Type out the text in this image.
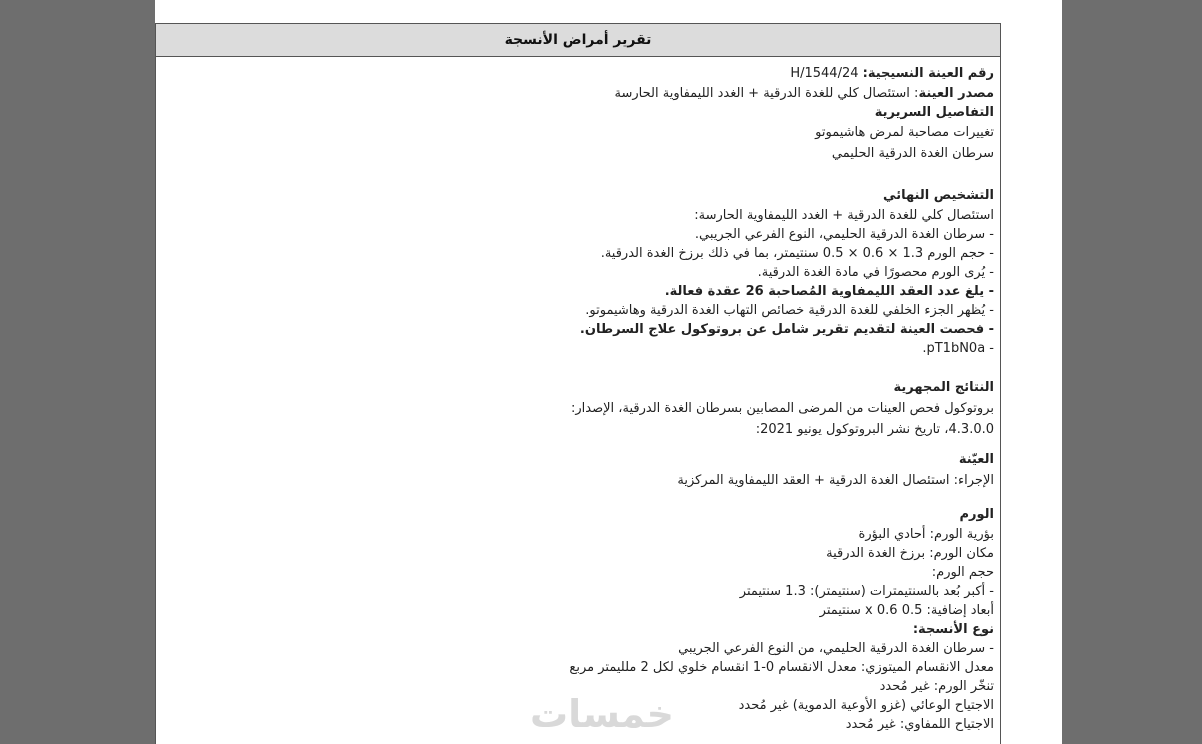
تقرير أمراض الأنسجة
رقم العينة النسيجية: H/1544/24
مصدر العينة: استئصال كلي للغدة الدرقية + الغدد الليمفاوية الحارسة
التفاصيل السريرية
تغييرات مصاحبة لمرض هاشيموتو
سرطان الغدة الدرقية الحليمي
التشخيص النهائي
استئصال كلي للغدة الدرقية + الغدد الليمفاوية الحارسة:
- سرطان الغدة الدرقية الحليمي، النوع الفرعي الجريبي.
- حجم الورم 1.3 × 0.6 × 0.5 سنتيمتر، بما في ذلك برزخ الغدة الدرقية.
- يُرى الورم محصورًا في مادة الغدة الدرقية.
- يلغ عدد العقد الليمفاوية المُصاحبة 26 عقدة فعالة.
- يُظهر الجزء الخلفي للغدة الدرقية خصائص التهاب الغدة الدرقية وهاشيموتو.
- فحصت العينة لتقديم تقرير شامل عن بروتوكول علاج السرطان.
- pT1bN0a.
النتائج المجهرية
بروتوكول فحص العينات من المرضى المصابين بسرطان الغدة الدرقية، الإصدار:
4.3.0.0، تاريخ نشر البروتوكول يونيو 2021:
العيّنة
الإجراء: استئصال الغدة الدرقية + العقد الليمفاوية المركزية
الورم
بؤرية الورم: أحادي البؤرة
مكان الورم: برزخ الغدة الدرقية
حجم الورم:
- أكبر بُعد بالسنتيمترات (سنتيمتر): 1.3 سنتيمتر
أبعاد إضافية: 0.5 x 0.6 سنتيمتر
نوع الأنسجة:
- سرطان الغدة الدرقية الحليمي، من النوع الفرعي الجريبي
معدل الانقسام الميتوزي: معدل الانقسام 0-1 انقسام خلوي لكل 2 ملليمتر مربع
تنخّر الورم: غير مُحدد
الاجتياح الوعائي (غزو الأوعية الدموية) غير مُحدد
الاجتياح اللمفاوي: غير مُحدد
خمسات
